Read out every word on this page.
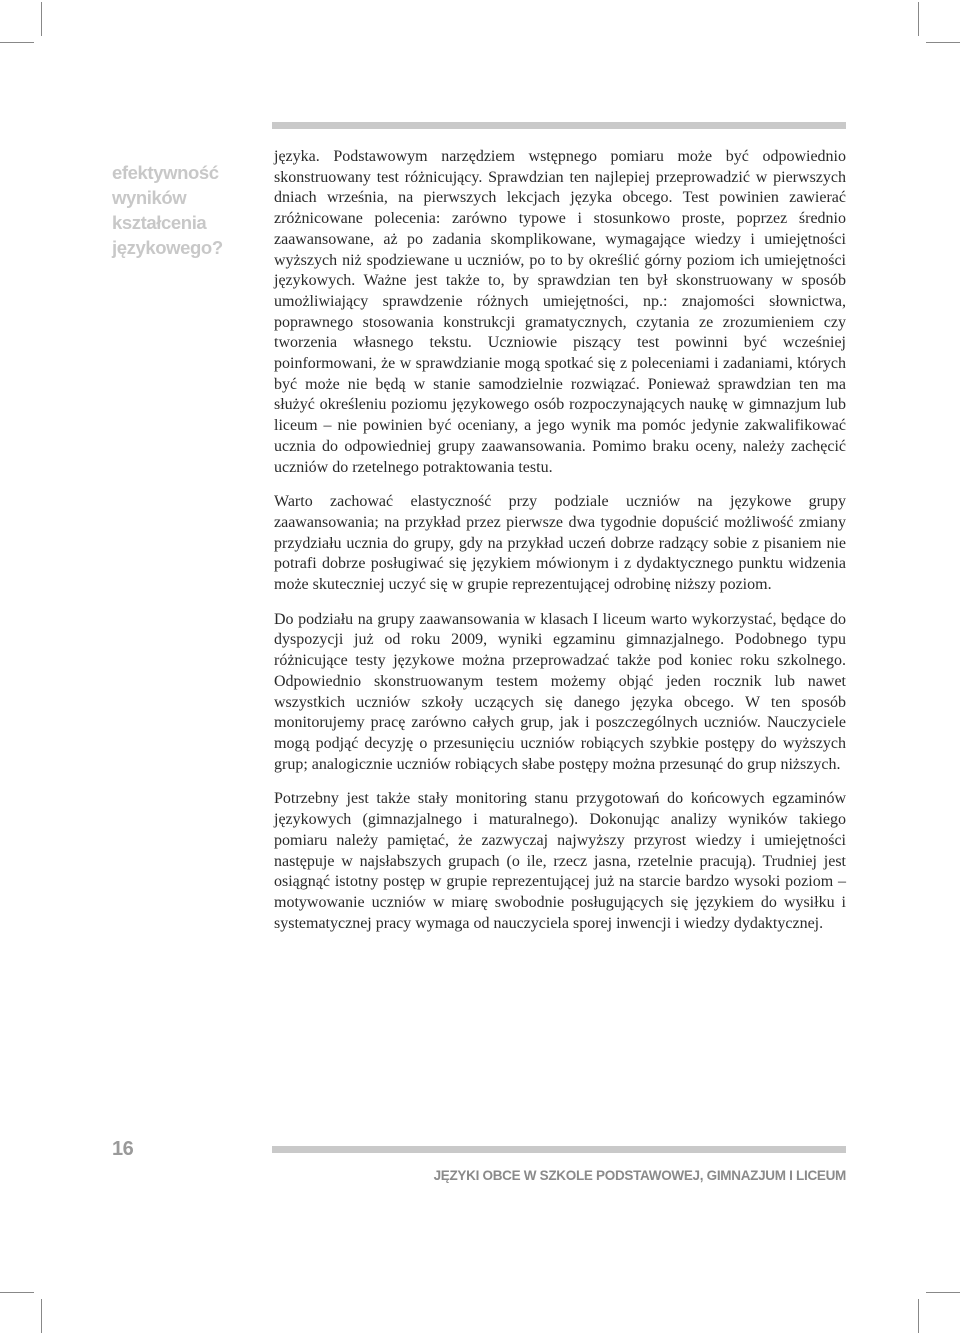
efektywność
wyników
kształcenia
językowego?

języka. Podstawowym narzędziem wstępnego pomiaru może być odpowiednio skonstruowany test różnicujący. Sprawdzian ten najlepiej przeprowadzić w pierwszych dniach września, na pierwszych lekcjach języka obcego. Test powinien zawierać zróżnicowane polecenia: zarówno typowe i stosunkowo proste, poprzez średnio zaawansowane, aż po zadania skomplikowane, wymagające wiedzy i umiejętności wyższych niż spodziewane u uczniów, po to by określić górny poziom ich umiejętności językowych. Ważne jest także to, by sprawdzian ten był skonstruowany w sposób umożliwiający sprawdzenie różnych umiejętności, np.: znajomości słownictwa, poprawnego stosowania konstrukcji gramatycznych, czytania ze zrozumieniem czy tworzenia własnego tekstu. Uczniowie piszący test powinni być wcześniej poinformowani, że w sprawdzianie mogą spotkać się z poleceniami i zadaniami, których być może nie będą w stanie samodzielnie rozwiązać. Ponieważ sprawdzian ten ma służyć określeniu poziomu językowego osób rozpoczynających naukę w gimnazjum lub liceum – nie powinien być oceniany, a jego wynik ma pomóc jedynie zakwalifikować ucznia do odpowiedniej grupy zaawansowania. Pomimo braku oceny, należy zachęcić uczniów do rzetelnego potraktowania testu.

Warto zachować elastyczność przy podziale uczniów na językowe grupy zaawansowania; na przykład przez pierwsze dwa tygodnie dopuścić możliwość zmiany przydziału ucznia do grupy, gdy na przykład uczeń dobrze radzący sobie z pisaniem nie potrafi dobrze posługiwać się językiem mówionym i z dydaktycznego punktu widzenia może skuteczniej uczyć się w grupie reprezentującej odrobinę niższy poziom.

Do podziału na grupy zaawansowania w klasach I liceum warto wykorzystać, będące do dyspozycji już od roku 2009, wyniki egzaminu gimnazjalnego. Podobnego typu różnicujące testy językowe można przeprowadzać także pod koniec roku szkolnego. Odpowiednio skonstruowanym testem możemy objąć jeden rocznik lub nawet wszystkich uczniów szkoły uczących się danego języka obcego. W ten sposób monitorujemy pracę zarówno całych grup, jak i poszczególnych uczniów. Nauczyciele mogą podjąć decyzję o przesunięciu uczniów robiących szybkie postępy do wyższych grup; analogicznie uczniów robiących słabe postępy można przesunąć do grup niższych.

Potrzebny jest także stały monitoring stanu przygotowań do końcowych egzaminów językowych (gimnazjalnego i maturalnego). Dokonując analizy wyników takiego pomiaru należy pamiętać, że zazwyczaj najwyższy przyrost wiedzy i umiejętności następuje w najsłabszych grupach (o ile, rzecz jasna, rzetelnie pracują). Trudniej jest osiągnąć istotny postęp w grupie reprezentującej już na starcie bardzo wysoki poziom – motywowanie uczniów w miarę swobodnie posługujących się językiem do wysiłku i systematycznej pracy wymaga od nauczyciela sporej inwencji i wiedzy dydaktycznej.

16
JĘZYKI OBCE W SZKOLE PODSTAWOWEJ, GIMNAZJUM I LICEUM
